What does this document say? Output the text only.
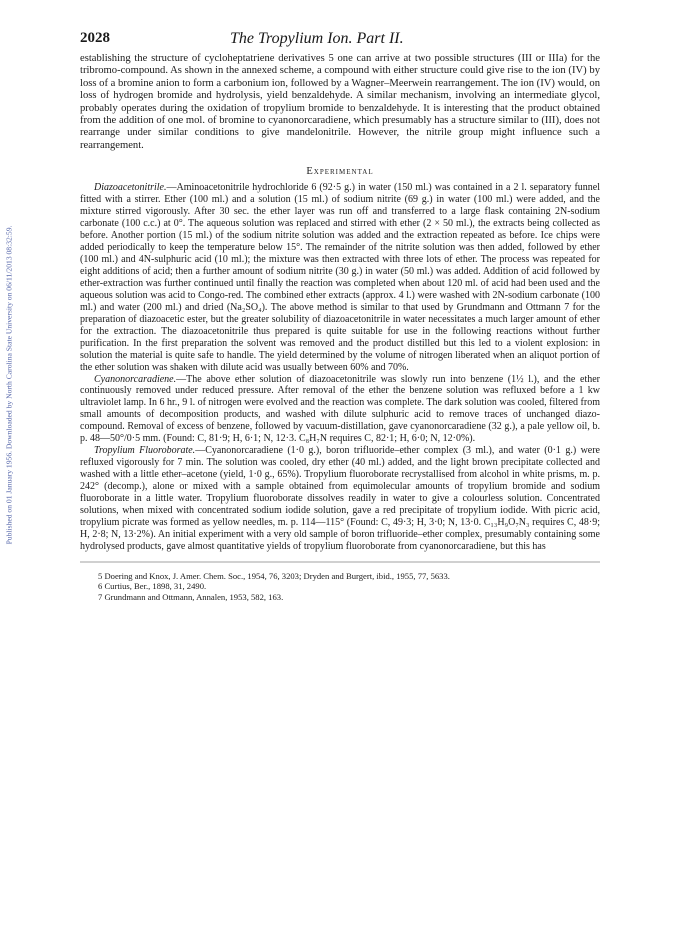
Published on 01 January 1956. Downloaded by North Carolina State University on 06/11/2013 08:32:59.
2028	The Tropylium Ion. Part II.

establishing the structure of cycloheptatriene derivatives 5 one can arrive at two possible structures (III or IIIa) for the tribromo-compound. As shown in the annexed scheme, a compound with either structure could give rise to the ion (IV) by loss of a bromine anion to form a carbonium ion, followed by a Wagner–Meerwein rearrangement. The ion (IV) would, on loss of hydrogen bromide and hydrolysis, yield benzaldehyde. A similar mechanism, involving an intermediate glycol, probably operates during the oxidation of tropylium bromide to benzaldehyde. It is interesting that the product obtained from the addition of one mol. of bromine to cyanonorcaradiene, which presumably has a structure similar to (III), does not rearrange under similar conditions to give mandelonitrile. However, the nitrile group might influence such a rearrangement.

Experimental

Diazoacetonitrile.—Aminoacetonitrile hydrochloride 6 (92·5 g.) in water (150 ml.) was contained in a 2 l. separatory funnel fitted with a stirrer. Ether (100 ml.) and a solution (15 ml.) of sodium nitrite (69 g.) in water (100 ml.) were added, and the mixture stirred vigorously. After 30 sec. the ether layer was run off and transferred to a large flask containing 2N-sodium carbonate (100 c.c.) at 0°. The aqueous solution was replaced and stirred with ether (2 × 50 ml.), the extracts being collected as before. Another portion (15 ml.) of the sodium nitrite solution was added and the extraction repeated as before. Ice chips were added periodically to keep the temperature below 15°. The remainder of the nitrite solution was then added, followed by ether (100 ml.) and 4N-sulphuric acid (10 ml.); the mixture was then extracted with three lots of ether. The process was repeated for eight additions of acid; then a further amount of sodium nitrite (30 g.) in water (50 ml.) was added. Addition of acid followed by ether-extraction was further continued until finally the reaction was completed when about 120 ml. of acid had been used and the aqueous solution was acid to Congo-red. The combined ether extracts (approx. 4 l.) were washed with 2N-sodium carbonate (100 ml.) and water (200 ml.) and dried (Na₂SO₄). The above method is similar to that used by Grundmann and Ottmann 7 for the preparation of diazoacetic ester, but the greater solubility of diazoacetonitrile in water necessitates a much larger amount of ether for the extraction. The diazoacetonitrile thus prepared is quite suitable for use in the following reactions without further purification. In the first preparation the solvent was removed and the product distilled but this led to a violent explosion: in solution the material is quite safe to handle. The yield determined by the volume of nitrogen liberated when an aliquot portion of the ether solution was shaken with dilute acid was usually between 60% and 70%.

Cyanonorcaradiene.—The above ether solution of diazoacetonitrile was slowly run into benzene (1½ l.), and the ether continuously removed under reduced pressure. After removal of the ether the benzene solution was refluxed before a 1 kw ultraviolet lamp. In 6 hr., 9 l. of nitrogen were evolved and the reaction was complete. The dark solution was cooled, filtered from small amounts of decomposition products, and washed with dilute sulphuric acid to remove traces of unchanged diazo-compound. Removal of excess of benzene, followed by vacuum-distillation, gave cyanonorcaradiene (32 g.), a pale yellow oil, b. p. 48—50°/0·5 mm. (Found: C, 81·9; H, 6·1; N, 12·3. C₈H₇N requires C, 82·1; H, 6·0; N, 12·0%).

Tropylium Fluoroborate.—Cyanonorcaradiene (1·0 g.), boron trifluoride–ether complex (3 ml.), and water (0·1 g.) were refluxed vigorously for 7 min. The solution was cooled, dry ether (40 ml.) added, and the light brown precipitate collected and washed with a little ether–acetone (yield, 1·0 g., 65%). Tropylium fluoroborate recrystallised from alcohol in white prisms, m. p. 242° (decomp.), alone or mixed with a sample obtained from equimolecular amounts of tropylium bromide and sodium fluoroborate in a little water. Tropylium fluoroborate dissolves readily in water to give a colourless solution. Concentrated solutions, when mixed with concentrated sodium iodide solution, gave a red precipitate of tropylium iodide. With picric acid, tropylium picrate was formed as yellow needles, m. p. 114—115° (Found: C, 49·3; H, 3·0; N, 13·0. C₁₃H₉O₇N₃ requires C, 48·9; H, 2·8; N, 13·2%). An initial experiment with a very old sample of boron trifluoride–ether complex, presumably containing some hydrolysed products, gave almost quantitative yields of tropylium fluoroborate from cyanonorcaradiene, but this has

5 Doering and Knox, J. Amer. Chem. Soc., 1954, 76, 3203; Dryden and Burgert, ibid., 1955, 77, 5633.

6 Curtius, Ber., 1898, 31, 2490.

7 Grundmann and Ottmann, Annalen, 1953, 582, 163.
